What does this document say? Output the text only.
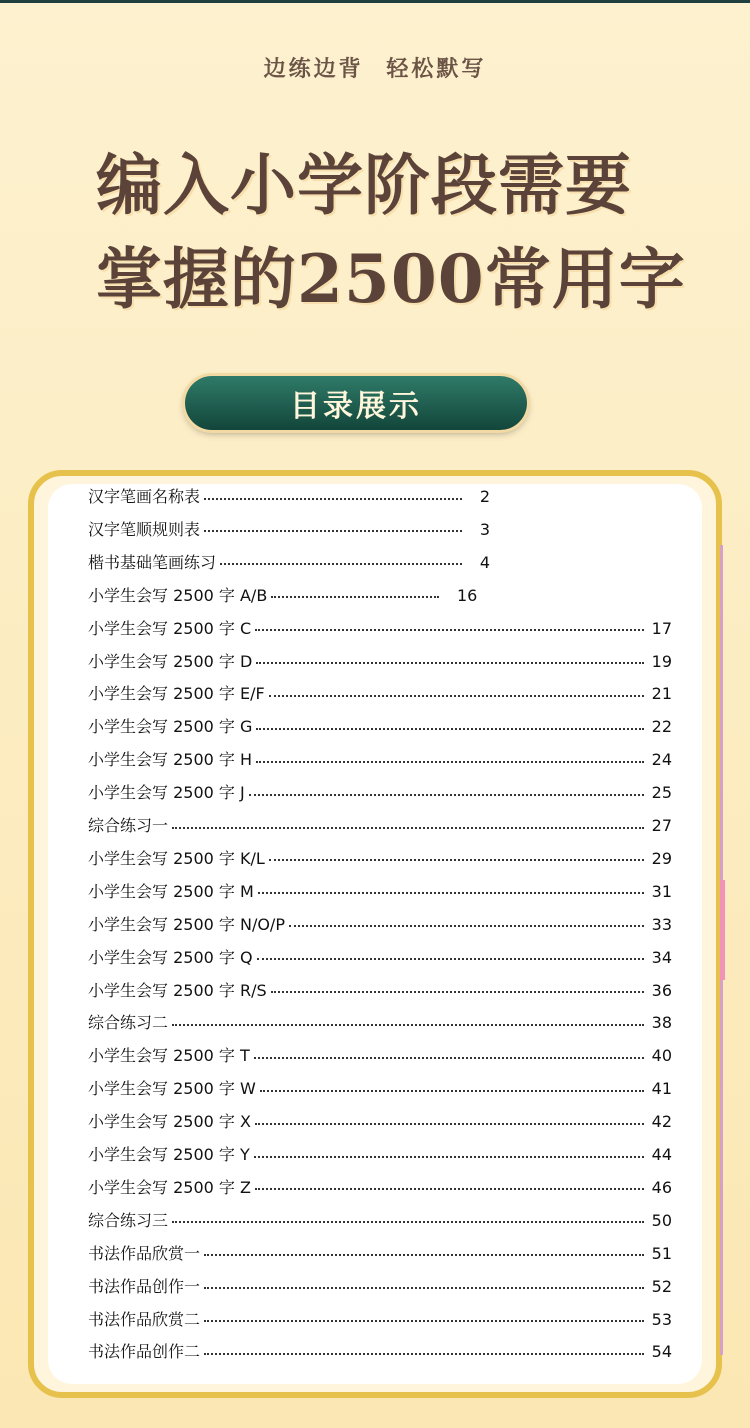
边练边背 轻松默写
编入小学阶段需要
掌握的2500常用字
目录展示
汉字笔画名称表	2
汉字笔顺规则表	3
楷书基础笔画练习	4
小学生会写 2500 字 A/B	16
小学生会写 2500 字 C	17
小学生会写 2500 字 D	19
小学生会写 2500 字 E/F	21
小学生会写 2500 字 G	22
小学生会写 2500 字 H	24
小学生会写 2500 字 J	25
综合练习一	27
小学生会写 2500 字 K/L	29
小学生会写 2500 字 M	31
小学生会写 2500 字 N/O/P	33
小学生会写 2500 字 Q	34
小学生会写 2500 字 R/S	36
综合练习二	38
小学生会写 2500 字 T	40
小学生会写 2500 字 W	41
小学生会写 2500 字 X	42
小学生会写 2500 字 Y	44
小学生会写 2500 字 Z	46
综合练习三	50
书法作品欣赏一	51
书法作品创作一	52
书法作品欣赏二	53
书法作品创作二	54
